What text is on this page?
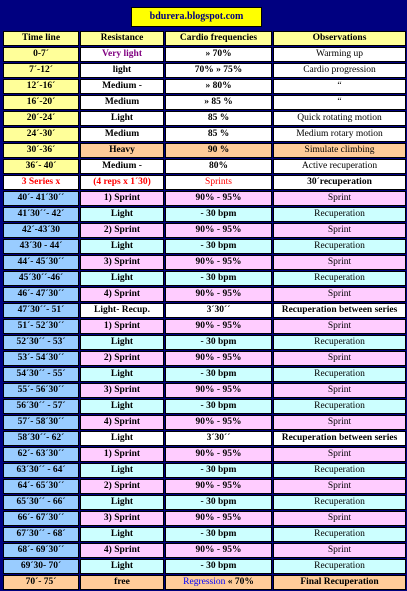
bdurera.blogspot.com
Time line	Resistance	Cardio frequencies	Observations
0-7´	Very light	» 70%	Warming up
7´-12´	light	70% » 75%	Cardio progression
12´-16´	Medium -	» 80%	“
16´-20´	Medium	» 85 %	“
20´-24´	Light	85 %	Quick rotating motion
24´-30´	Medium	85 %	Medium rotary motion
30´-36´	Heavy	90 %	Simulate climbing
36´- 40´	Medium -	80%	Active recuperation
3 Series x	(4 reps x 1´30)	Sprints	30´recuperation
40´- 41´30´´	1) Sprint	90% - 95%	Sprint
41´30´´- 42´	Light	- 30 bpm	Recuperation
42´-43´30	2) Sprint	90% - 95%	Sprint
43´30 - 44´	Light	- 30 bpm	Recuperation
44´- 45´30´´	3) Sprint	90% - 95%	Sprint
45´30´´-46´	Light	- 30 bpm	Recuperation
46´- 47´30´´	4) Sprint	90% - 95%	Sprint
47´30´´- 51´	Light- Recup.	3´30´´	Recuperation between series
51´- 52´30´´	1) Sprint	90% - 95%	Sprint
52´30´´ - 53´	Light	- 30 bpm	Recuperation
53´- 54´30´´	2) Sprint	90% - 95%	Sprint
54´30´´ - 55´	Light	- 30 bpm	Recuperation
55´- 56´30´´	3) Sprint	90% - 95%	Sprint
56´30´´ - 57´	Light	- 30 bpm	Recuperation
57´- 58´30´´	4) Sprint	90% - 95%	Sprint
58´30´´- 62´	Light	3´30´´	Recuperation between series
62´- 63´30´´	1) Sprint	90% - 95%	Sprint
63´30´´ - 64´	Light	- 30 bpm	Recuperation
64´- 65´30´´	2) Sprint	90% - 95%	Sprint
65´30´´ - 66´	Light	- 30 bpm	Recuperation
66´- 67´30´´	3) Sprint	90% - 95%	Sprint
67´30´´ - 68´	Light	- 30 bpm	Recuperation
68´- 69´30´´	4) Sprint	90% - 95%	Sprint
69´30- 70´	Light	- 30 bpm	Recuperation
70´- 75´	free	Regression « 70%	Final Recuperation
